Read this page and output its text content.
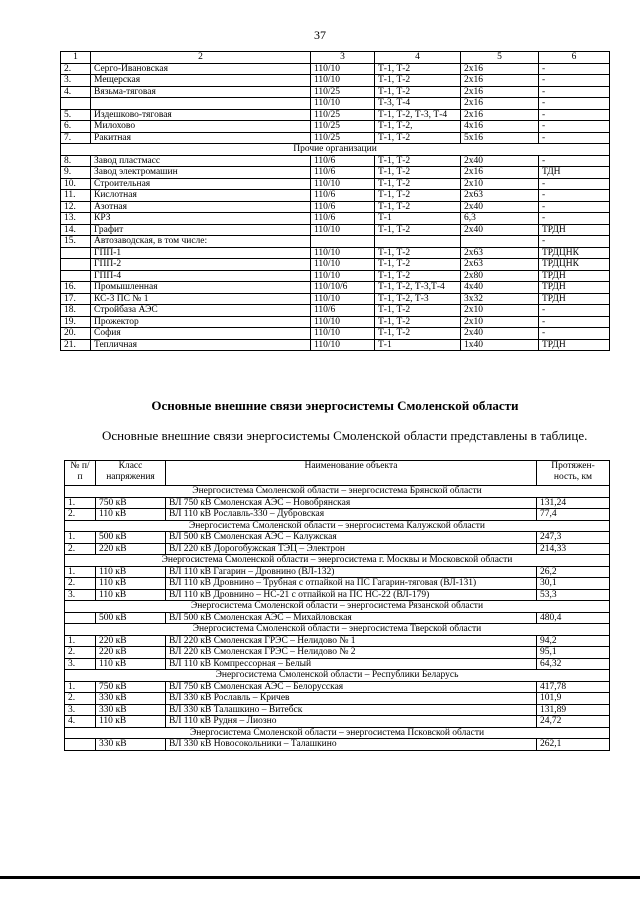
37
1	2	3	4	5	6
2.	Серго-Ивановская	110/10	Т-1, Т-2	2х16	-
3.	Мещерская	110/10	Т-1, Т-2	2х16	-
4.	Вязьма-тяговая	110/25	Т-1, Т-2	2х16	-
		110/10	Т-3, Т-4	2х16	-
5.	Издешково-тяговая	110/25	Т-1, Т-2, Т-3, Т-4	2х16	-
6.	Милохово	110/25	Т-1, Т-2,	4х16	-
7.	Ракитная	110/25	Т-1, Т-2	5х16	-
Прочие организации					
8.	Завод пластмасс	110/6	Т-1, Т-2	2х40	-
9.	Завод электромашин	110/6	Т-1, Т-2	2х16	ТДН
10.	Строительная	110/10	Т-1, Т-2	2х10	-
11.	Кислотная	110/6	Т-1, Т-2	2х63	-
12.	Азотная	110/6	Т-1, Т-2	2х40	-
13.	КРЗ	110/6	Т-1	6,3	-
14.	Графит	110/10	Т-1, Т-2	2х40	ТРДН
15.	Автозаводская, в том числе:				-
	ГПП-1	110/10	Т-1, Т-2	2х63	ТРДЦНК
	ГПП-2	110/10	Т-1, Т-2	2х63	ТРДЦНК
	ГПП-4	110/10	Т-1, Т-2	2х80	ТРДН
16.	Промышленная	110/10/6	Т-1, Т-2, Т-3,Т-4	4х40	ТРДН
17.	КС-3 ПС № 1	110/10	Т-1, Т-2, Т-3	3х32	ТРДН
18.	Стройбаза АЭС	110/6	Т-1, Т-2	2х10	-
19.	Прожектор	110/10	Т-1, Т-2	2х10	-
20.	София	110/10	Т-1, Т-2	2х40	-
21.	Тепличная	110/10	Т-1	1х40	ТРДН
Основные внешние связи энергосистемы Смоленской области

Основные внешние связи энергосистемы Смоленской области представлены в таблице.

№ п/п	Класс напряжения	Наименование объекта	Протяжен-ность, км
Энергосистема Смоленской области – энергосистема Брянской области			
1.	750 кВ	ВЛ 750 кВ Смоленская АЭС – Новобрянская	131,24
2.	110 кВ	ВЛ 110 кВ Рославль-330 – Дубровская	77,4
Энергосистема Смоленской области – энергосистема Калужской области			
1.	500 кВ	ВЛ 500 кВ Смоленская АЭС – Калужская	247,3
2.	220 кВ	ВЛ 220 кВ Дорогобужская ТЭЦ – Электрон	214,33
Энергосистема Смоленской области – энергосистема г. Москвы и Московской области			
1.	110 кВ	ВЛ 110 кВ Гагарин – Дровнино (ВЛ-132)	26,2
2.	110 кВ	ВЛ 110 кВ Дровнино – Трубная с отпайкой на ПС Гагарин-тяговая (ВЛ-131)	30,1
3.	110 кВ	ВЛ 110 кВ Дровнино – НС-21 с отпайкой на ПС НС-22 (ВЛ-179)	53,3
Энергосистема Смоленской области – энергосистема Рязанской области			
	500 кВ	ВЛ 500 кВ Смоленская АЭС – Михайловская	480,4
Энергосистема Смоленской области – энергосистема Тверской области			
1.	220 кВ	ВЛ 220 кВ Смоленская ГРЭС – Нелидово № 1	94,2
2.	220 кВ	ВЛ 220 кВ Смоленская ГРЭС – Нелидово № 2	95,1
3.	110 кВ	ВЛ 110 кВ Компрессорная – Белый	64,32
Энергосистема Смоленской области – Республики Беларусь			
1.	750 кВ	ВЛ 750 кВ Смоленская АЭС – Белорусская	417,78
2.	330 кВ	ВЛ 330 кВ Рославль – Кричев	101,9
3.	330 кВ	ВЛ 330 кВ Талашкино – Витебск	131,89
4.	110 кВ	ВЛ 110 кВ Рудня – Лиозно	24,72
Энергосистема Смоленской области – энергосистема Псковской области			
	330 кВ	ВЛ 330 кВ Новосокольники – Талашкино	262,1
